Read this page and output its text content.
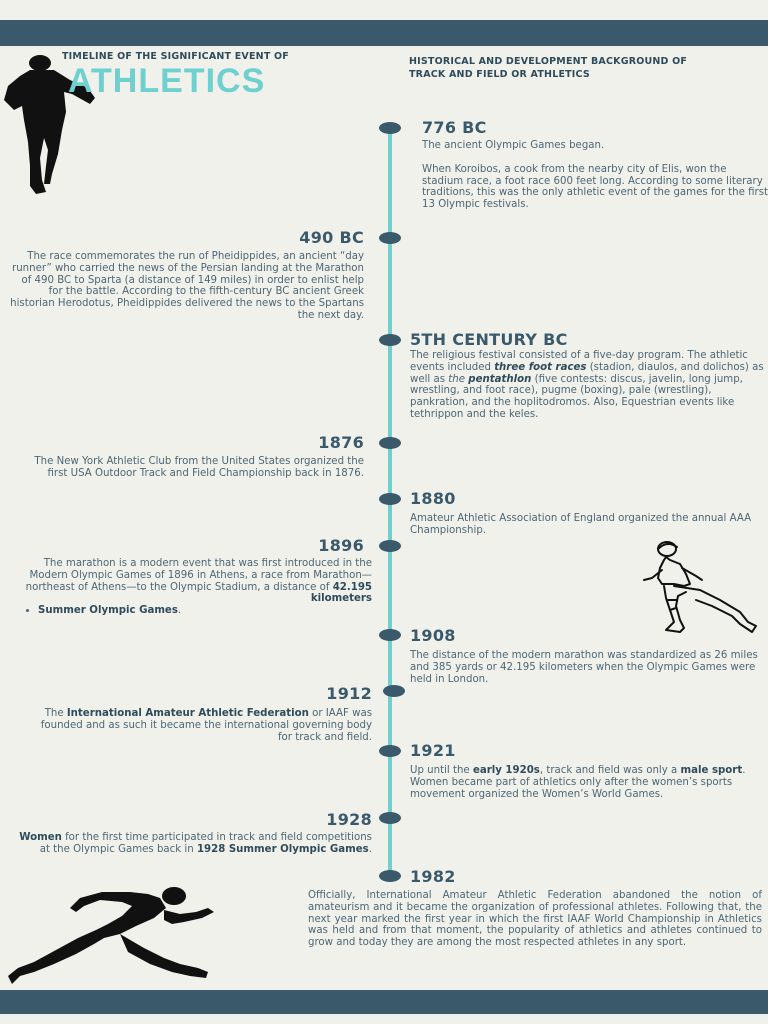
TIMELINE OF THE SIGNIFICANT EVENT OF
ATHLETICS
HISTORICAL AND DEVELOPMENT BACKGROUND OF TRACK AND FIELD OR ATHLETICS
776 BC

The ancient Olympic Games began.

When Koroibos, a cook from the nearby city of Elis, won the stadium race, a foot race 600 feet long. According to some literary traditions, this was the only athletic event of the games for the first 13 Olympic festivals.

490 BC
The race commemorates the run of Pheidippides, an ancient “day runner” who carried the news of the Persian landing at the Marathon of 490 BC to Sparta (a distance of 149 miles) in order to enlist help for the battle. According to the fifth-century BC ancient Greek historian Herodotus, Pheidippides delivered the news to the Spartans the next day.
5TH CENTURY BC
The religious festival consisted of a five-day program. The athletic events included three foot races (stadion, diaulos, and dolichos) as well as the pentathlon (five contests: discus, javelin, long jump, wrestling, and foot race), pugme (boxing), pale (wrestling), pankration, and the hoplitodromos. Also, Equestrian events like tethrippon and the keles.
1876
The New York Athletic Club from the United States organized the first USA Outdoor Track and Field Championship back in 1876.
1880
Amateur Athletic Association of England organized the annual AAA Championship.
1896
The marathon is a modern event that was first introduced in the Modern Olympic Games of 1896 in Athens, a race from Marathon—northeast of Athens—to the Olympic Stadium, a distance of 42.195 kilometers
• Summer Olympic Games.
1908
The distance of the modern marathon was standardized as 26 miles and 385 yards or 42.195 kilometers when the Olympic Games were held in London.
1912
The International Amateur Athletic Federation or IAAF was founded and as such it became the international governing body for track and field.
1921
Up until the early 1920s, track and field was only a male sport. Women became part of athletics only after the women’s sports movement organized the Women’s World Games.
1928
Women for the first time participated in track and field competitions at the Olympic Games back in 1928 Summer Olympic Games.
1982
Officially, International Amateur Athletic Federation abandoned the notion of amateurism and it became the organization of professional athletes. Following that, the next year marked the first year in which the first IAAF World Championship in Athletics was held and from that moment, the popularity of athletics and athletes continued to grow and today they are among the most respected athletes in any sport.
